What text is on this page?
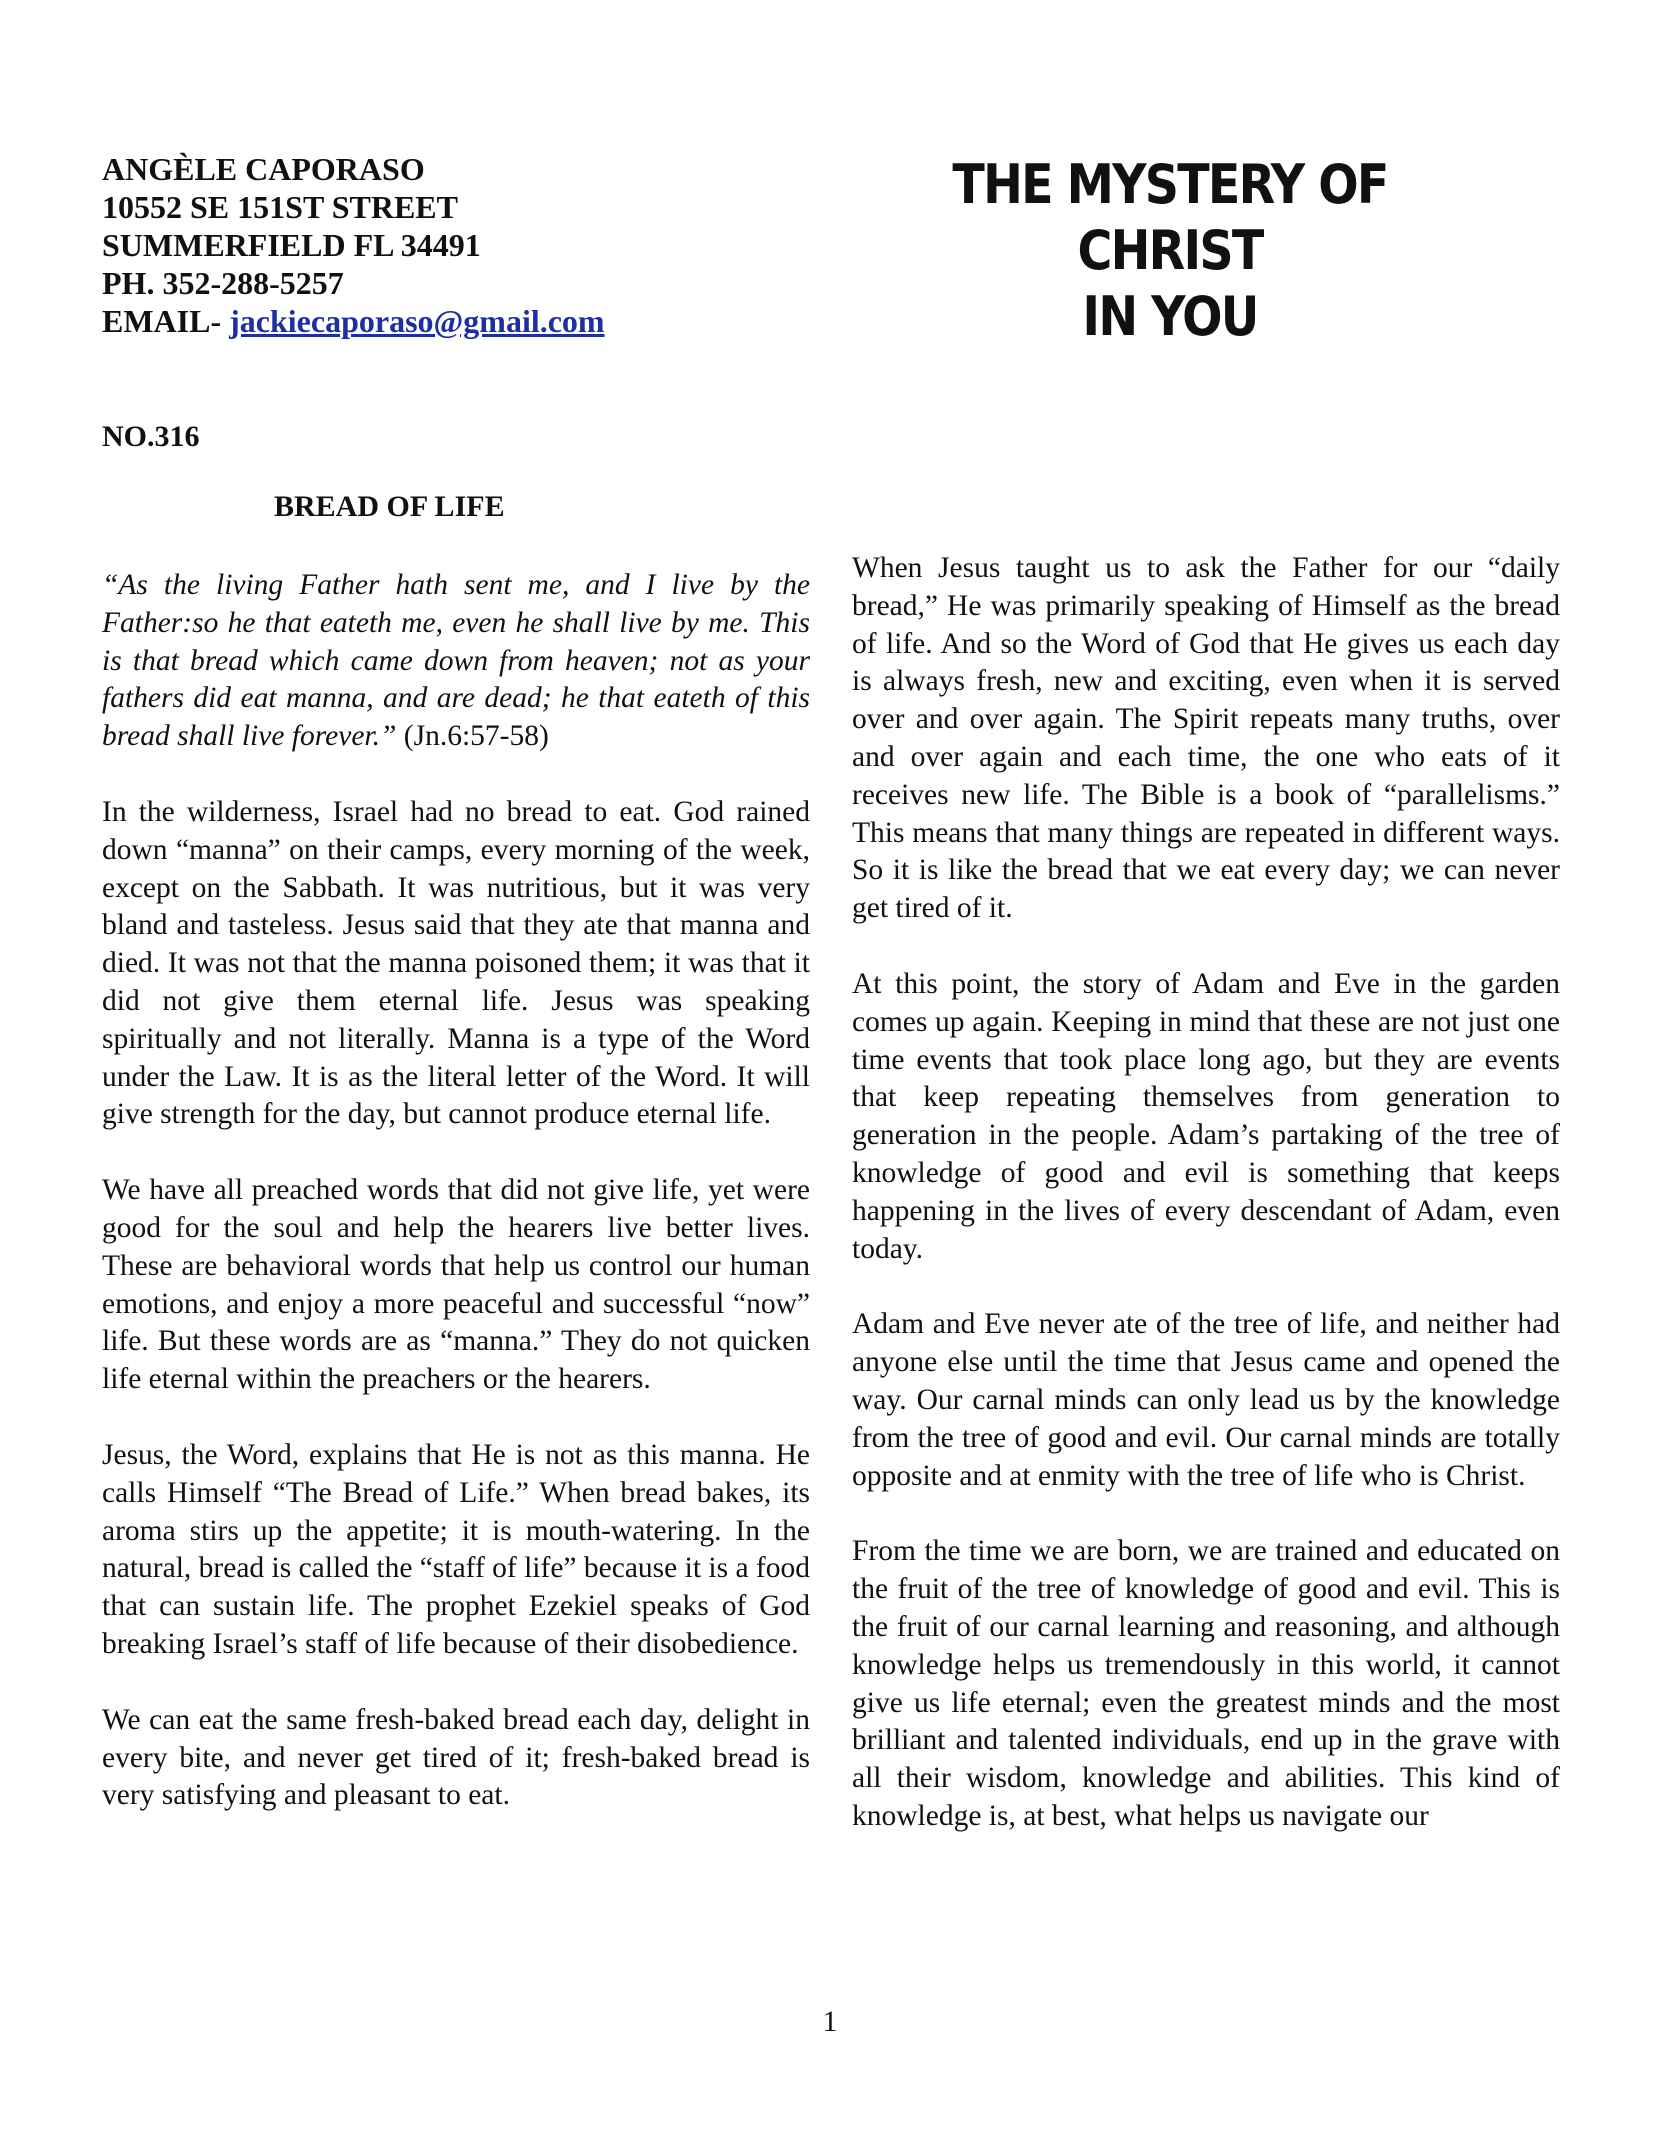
ANGÈLE CAPORASO
10552 SE 151ST STREET
SUMMERFIELD FL 34491
PH. 352-288-5257
EMAIL- jackiecaporaso@gmail.com
THE MYSTERY OF CHRIST
IN YOU
NO.316
BREAD OF LIFE

“As the living Father hath sent me, and I live by the Father:so he that eateth me, even he shall live by me. This is that bread which came down from heaven; not as your fathers did eat manna, and are dead; he that eateth of this bread shall live forever.” (Jn.6:57-58)

In the wilderness, Israel had no bread to eat. God rained down “manna” on their camps, every morning of the week, except on the Sabbath. It was nutritious, but it was very bland and tasteless. Jesus said that they ate that manna and died. It was not that the manna poisoned them; it was that it did not give them eternal life. Jesus was speaking spiritually and not literally. Manna is a type of the Word under the Law. It is as the literal letter of the Word. It will give strength for the day, but cannot produce eternal life.

We have all preached words that did not give life, yet were good for the soul and help the hearers live better lives. These are behavioral words that help us control our human emotions, and enjoy a more peaceful and successful “now” life. But these words are as “manna.” They do not quicken life eternal within the preachers or the hearers.

Jesus, the Word, explains that He is not as this manna. He calls Himself “The Bread of Life.” When bread bakes, its aroma stirs up the appetite; it is mouth-watering. In the natural, bread is called the “staff of life” because it is a food that can sustain life. The prophet Ezekiel speaks of God breaking Israel’s staff of life because of their disobedience.

We can eat the same fresh-baked bread each day, delight in every bite, and never get tired of it; fresh-baked bread is very satisfying and pleasant to eat.

When Jesus taught us to ask the Father for our “daily bread,” He was primarily speaking of Himself as the bread of life. And so the Word of God that He gives us each day is always fresh, new and exciting, even when it is served over and over again. The Spirit repeats many truths, over and over again and each time, the one who eats of it receives new life. The Bible is a book of “parallelisms.” This means that many things are repeated in different ways. So it is like the bread that we eat every day; we can never get tired of it.

At this point, the story of Adam and Eve in the garden comes up again. Keeping in mind that these are not just one time events that took place long ago, but they are events that keep repeating themselves from generation to generation in the people. Adam’s partaking of the tree of knowledge of good and evil is something that keeps happening in the lives of every descendant of Adam, even today.

Adam and Eve never ate of the tree of life, and neither had anyone else until the time that Jesus came and opened the way. Our carnal minds can only lead us by the knowledge from the tree of good and evil. Our carnal minds are totally opposite and at enmity with the tree of life who is Christ.

From the time we are born, we are trained and educated on the fruit of the tree of knowledge of good and evil. This is the fruit of our carnal learning and reasoning, and although knowledge helps us tremendously in this world, it cannot give us life eternal; even the greatest minds and the most brilliant and talented individuals, end up in the grave with all their wisdom, knowledge and abilities. This kind of knowledge is, at best, what helps us navigate our

1
